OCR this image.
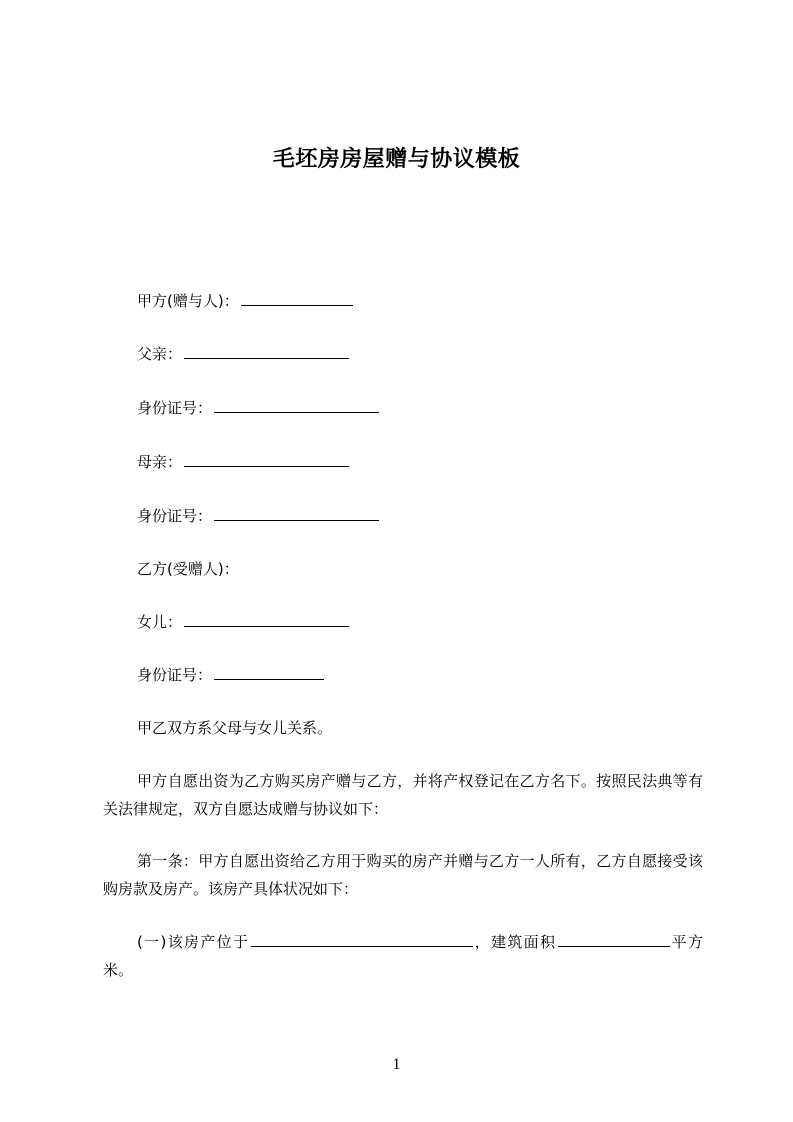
毛坯房房屋赠与协议模板
甲方(赠与人)：
父亲：
身份证号：
母亲：
身份证号：
乙方(受赠人)：
女儿：
身份证号：
甲乙双方系父母与女儿关系。
甲方自愿出资为乙方购买房产赠与乙方，并将产权登记在乙方名下。按照民法典等有关法律规定，双方自愿达成赠与协议如下：
第一条：甲方自愿出资给乙方用于购买的房产并赠与乙方一人所有，乙方自愿接受该购房款及房产。该房产具体状况如下：
(一)该房产位于	，建筑面积	平方米。
1
